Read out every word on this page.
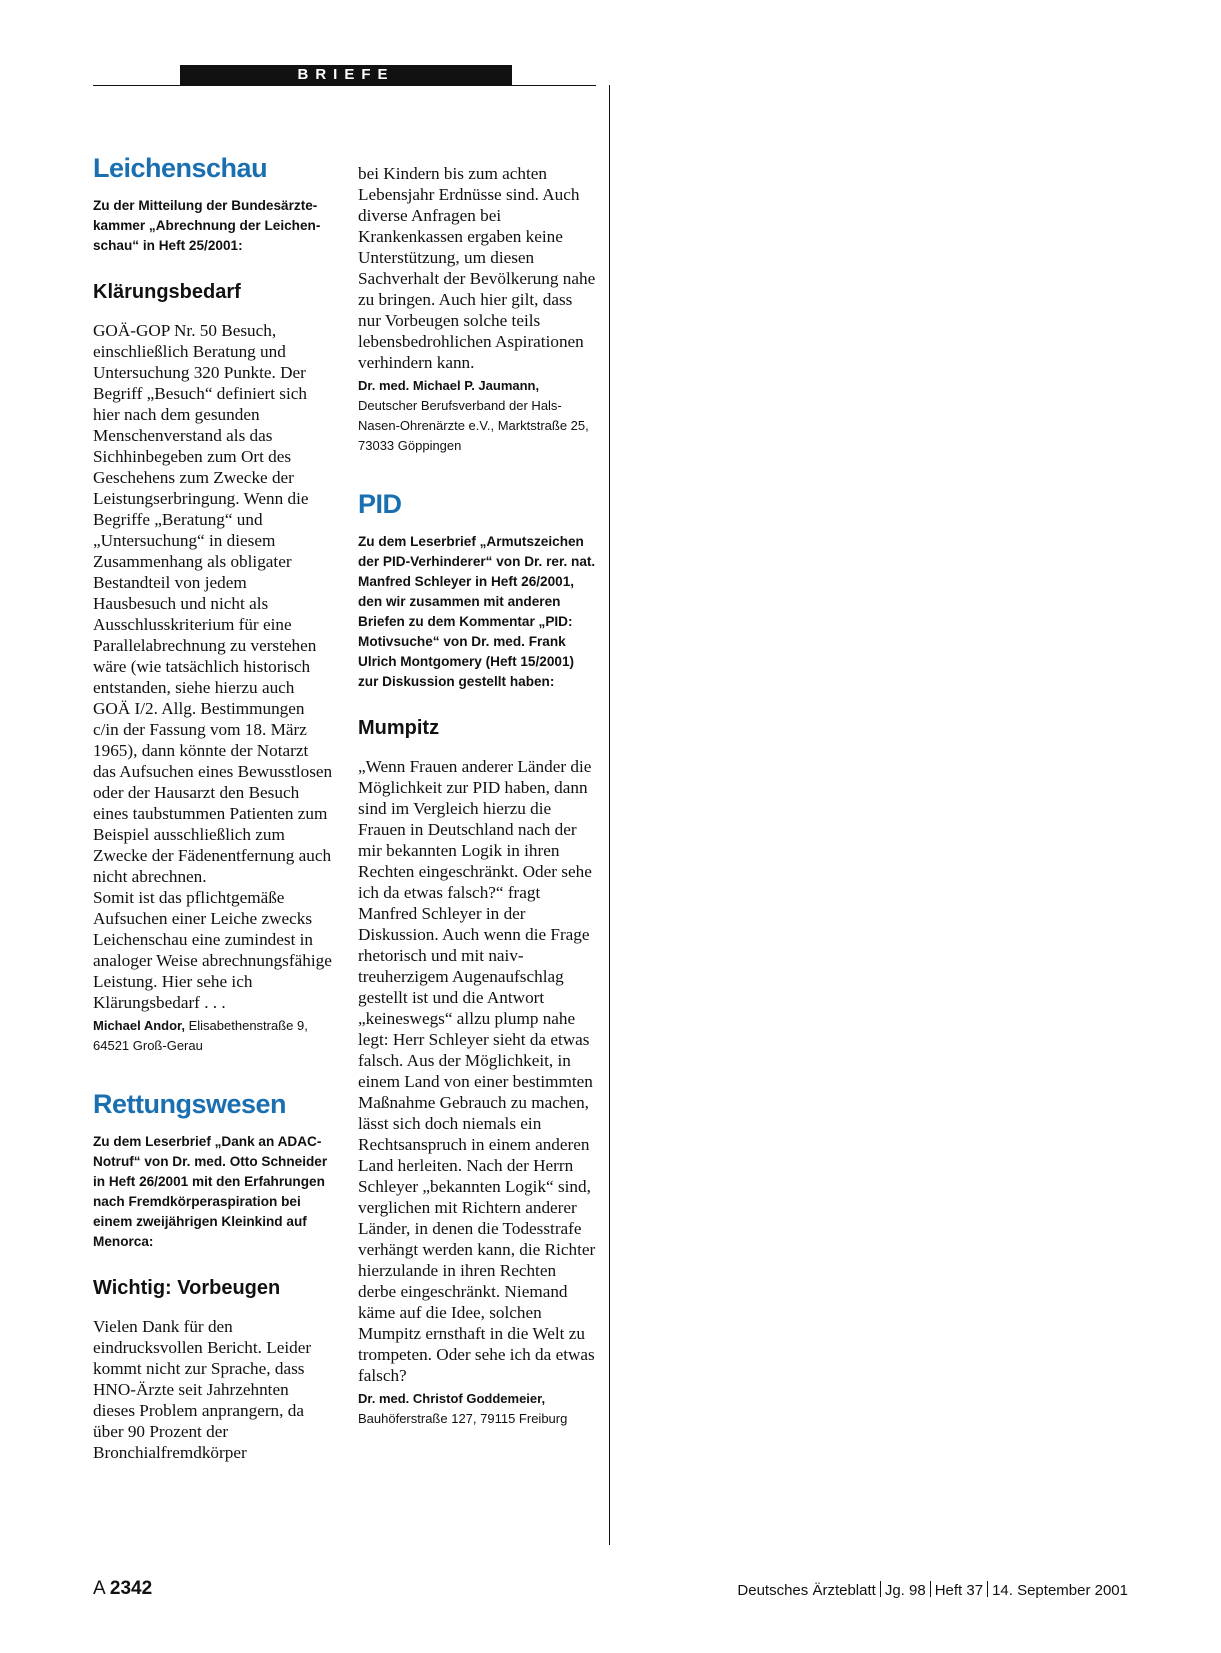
BRIEFE
Leichenschau
Zu der Mitteilung der Bundesärzte-kammer „Abrechnung der Leichen-schau“ in Heft 25/2001:
Klärungsbedarf

GOÄ-GOP Nr. 50 Besuch, einschließlich Beratung und Untersuchung 320 Punkte. Der Begriff „Besuch“ definiert sich hier nach dem gesunden Menschenverstand als das Sichhinbegeben zum Ort des Geschehens zum Zwecke der Leistungserbringung. Wenn die Begriffe „Beratung“ und „Untersuchung“ in diesem Zusammenhang als obligater Bestandteil von jedem Hausbesuch und nicht als Ausschlusskriterium für eine Parallelabrechnung zu verstehen wäre (wie tatsächlich historisch entstanden, siehe hierzu auch GOÄ I/2. Allg. Bestimmungen c/in der Fassung vom 18. März 1965), dann könnte der Notarzt das Aufsuchen eines Bewusstlosen oder der Hausarzt den Besuch eines taubstummen Patienten zum Beispiel ausschließlich zum Zwecke der Fädenentfernung auch nicht abrechnen.

Somit ist das pflichtgemäße Aufsuchen einer Leiche zwecks Leichenschau eine zumindest in analoger Weise abrechnungsfähige Leistung. Hier sehe ich Klärungsbedarf . . .

Michael Andor, Elisabethenstraße 9, 64521 Groß-Gerau
Rettungswesen
Zu dem Leserbrief „Dank an ADAC-Notruf“ von Dr. med. Otto Schneider in Heft 26/2001 mit den Erfahrungen nach Fremdkörperaspiration bei einem zweijährigen Kleinkind auf Menorca:
Wichtig: Vorbeugen

Vielen Dank für den eindrucksvollen Bericht. Leider kommt nicht zur Sprache, dass HNO-Ärzte seit Jahrzehnten dieses Problem anprangern, da über 90 Prozent der Bronchialfremdkörper

bei Kindern bis zum achten Lebensjahr Erdnüsse sind. Auch diverse Anfragen bei Krankenkassen ergaben keine Unterstützung, um diesen Sachverhalt der Bevölkerung nahe zu bringen. Auch hier gilt, dass nur Vorbeugen solche teils lebensbedrohlichen Aspirationen verhindern kann.

Dr. med. Michael P. Jaumann, Deutscher Berufsverband der Hals-Nasen-Ohrenärzte e.V., Marktstraße 25, 73033 Göppingen
PID
Zu dem Leserbrief „Armutszeichen der PID-Verhinderer“ von Dr. rer. nat. Manfred Schleyer in Heft 26/2001, den wir zusammen mit anderen Briefen zu dem Kommentar „PID: Motivsuche“ von Dr. med. Frank Ulrich Montgomery (Heft 15/2001) zur Diskussion gestellt haben:
Mumpitz

„Wenn Frauen anderer Länder die Möglichkeit zur PID haben, dann sind im Vergleich hierzu die Frauen in Deutschland nach der mir bekannten Logik in ihren Rechten eingeschränkt. Oder sehe ich da etwas falsch?“ fragt Manfred Schleyer in der Diskussion. Auch wenn die Frage rhetorisch und mit naiv-treuherzigem Augenaufschlag gestellt ist und die Antwort „keineswegs“ allzu plump nahe legt: Herr Schleyer sieht da etwas falsch. Aus der Möglichkeit, in einem Land von einer bestimmten Maßnahme Gebrauch zu machen, lässt sich doch niemals ein Rechtsanspruch in einem anderen Land herleiten. Nach der Herrn Schleyer „bekannten Logik“ sind, verglichen mit Richtern anderer Länder, in denen die Todesstrafe verhängt werden kann, die Richter hierzulande in ihren Rechten derbe eingeschränkt. Niemand käme auf die Idee, solchen Mumpitz ernsthaft in die Welt zu trompeten. Oder sehe ich da etwas falsch?

Dr. med. Christof Goddemeier, Bauhöferstraße 127, 79115 Freiburg
A 2342	Deutsches Ärzteblatt Jg. 98 Heft 37 14. September 2001
